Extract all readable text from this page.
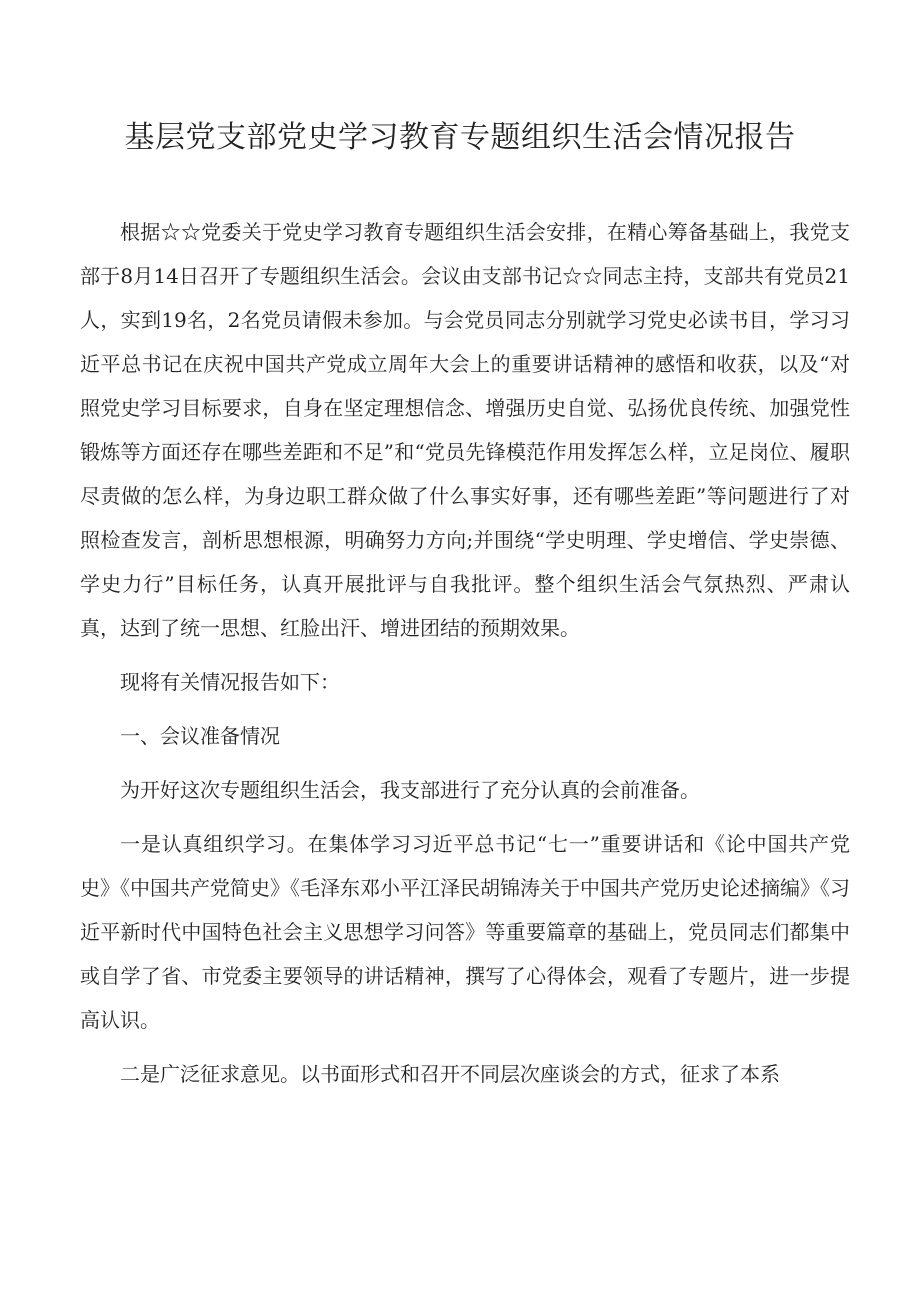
基层党支部党史学习教育专题组织生活会情况报告

根据☆☆党委关于党史学习教育专题组织生活会安排，在精心筹备基础上，我党支部于8月14日召开了专题组织生活会。会议由支部书记☆☆同志主持，支部共有党员21人，实到19名，2名党员请假未参加。与会党员同志分别就学习党史必读书目，学习习近平总书记在庆祝中国共产党成立周年大会上的重要讲话精神的感悟和收获，以及“对照党史学习目标要求，自身在坚定理想信念、增强历史自觉、弘扬优良传统、加强党性锻炼等方面还存在哪些差距和不足”和“党员先锋模范作用发挥怎么样，立足岗位、履职尽责做的怎么样，为身边职工群众做了什么事实好事，还有哪些差距”等问题进行了对照检查发言，剖析思想根源，明确努力方向;并围绕“学史明理、学史增信、学史崇德、学史力行”目标任务，认真开展批评与自我批评。整个组织生活会气氛热烈、严肃认真，达到了统一思想、红脸出汗、增进团结的预期效果。

现将有关情况报告如下：

一、会议准备情况

为开好这次专题组织生活会，我支部进行了充分认真的会前准备。

一是认真组织学习。在集体学习习近平总书记“七一”重要讲话和《论中国共产党史》《中国共产党简史》《毛泽东邓小平江泽民胡锦涛关于中国共产党历史论述摘编》《习近平新时代中国特色社会主义思想学习问答》等重要篇章的基础上，党员同志们都集中或自学了省、市党委主要领导的讲话精神，撰写了心得体会，观看了专题片，进一步提高认识。

二是广泛征求意见。以书面形式和召开不同层次座谈会的方式，征求了本系
